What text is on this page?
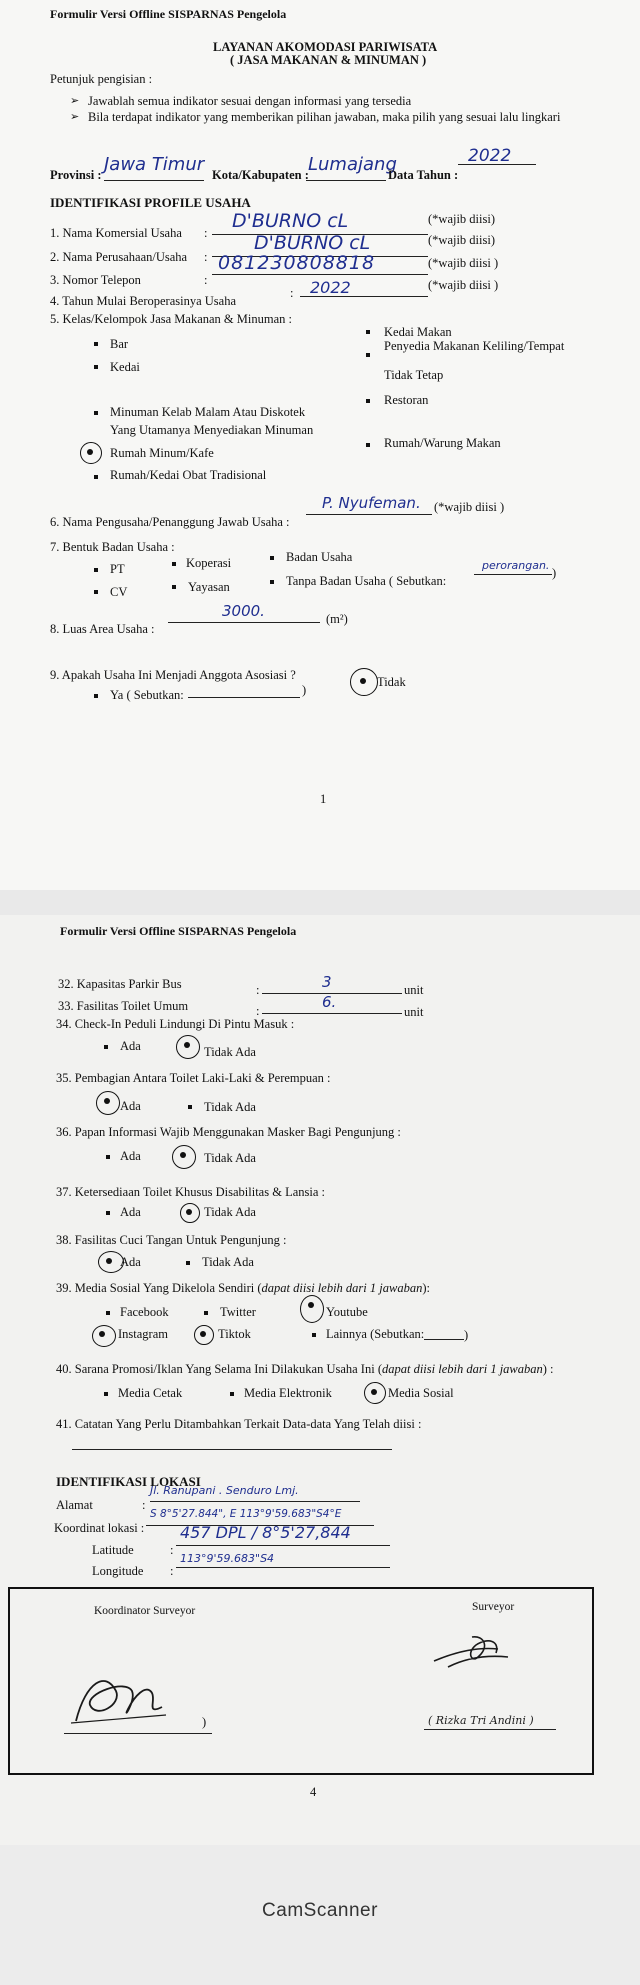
Formulir Versi Offline SISPARNAS Pengelola
LAYANAN AKOMODASI PARIWISATA
( JASA MAKANAN & MINUMAN )
Petunjuk pengisian :
➢ Jawablah semua indikator sesuai dengan informasi yang tersedia
➢ Bila terdapat indikator yang memberikan pilihan jawaban, maka pilih yang sesuai lalu lingkari
Provinsi : Jawa Timur Kota/Kabupaten : Lumajang
Data Tahun :
2022
IDENTIFIKASI PROFILE USAHA
1. Nama Komersial Usaha :
D'BURNO cL	(*wajib diisi)
2. Nama Perusahaan/Usaha :
D'BURNO cL	(*wajib diisi)
3. Nomor Telepon	:
081230808818	(*wajib diisi )
4. Tahun Mulai Beroperasinya Usaha
: 2022	(*wajib diisi )
5. Kelas/Kelompok Jasa Makanan & Minuman :
Bar
Kedai
Kedai Makan
Penyedia Makanan Keliling/Tempat
Tidak Tetap
Minuman Kelab Malam Atau Diskotek
Yang Utamanya Menyediakan Minuman
Restoran
Rumah Minum/Kafe
Rumah/Warung Makan
Rumah/Kedai Obat Tradisional
6. Nama Pengusaha/Penanggung Jawab Usaha :
P. Nyufeman. (*wajib diisi )
7. Bentuk Badan Usaha :
PT	Koperasi	Badan Usaha
CV	Yayasan	Tanpa Badan Usaha ( Sebutkan:
perorangan.
)
8. Luas Area Usaha :
3000.	(m²)
9. Apakah Usaha Ini Menjadi Anggota Asosiasi ?
Ya ( Sebutkan:	)
Tidak
1
Formulir Versi Offline SISPARNAS Pengelola
32. Kapasitas Parkir Bus	:	3	unit
33. Fasilitas Toilet Umum	:	6.
unit
34. Check-In Peduli Lindungi Di Pintu Masuk :
Ada	Tidak Ada
35. Pembagian Antara Toilet Laki-Laki & Perempuan :
Ada	Tidak Ada
36. Papan Informasi Wajib Menggunakan Masker Bagi Pengunjung :
Ada	Tidak Ada
37. Ketersediaan Toilet Khusus Disabilitas & Lansia :
Ada	Tidak Ada
38. Fasilitas Cuci Tangan Untuk Pengunjung :
Ada	Tidak Ada
39. Media Sosial Yang Dikelola Sendiri (dapat diisi lebih dari 1 jawaban):
Facebook	Twitter	Youtube
Instagram	Tiktok	Lainnya (Sebutkan:	)
40. Sarana Promosi/Iklan Yang Selama Ini Dilakukan Usaha Ini (dapat diisi lebih dari 1 jawaban) :
Media Cetak	Media Elektronik	Media Sosial
41. Catatan Yang Perlu Ditambahkan Terkait Data-data Yang Telah diisi :
IDENTIFIKASI LOKASI
Alamat	:
Jl. Ranupani . Senduro Lmj.
Koordinat lokasi :
S 8°5'27.844", E 113°9'59.683"S4°E
Latitude	:
457 DPL / 8°5'27,844
Longitude :
113°9'59.683"S4
Koordinator Surveyor	Surveyor
)	( Rizka Tri Andini )
4
CamScanner
